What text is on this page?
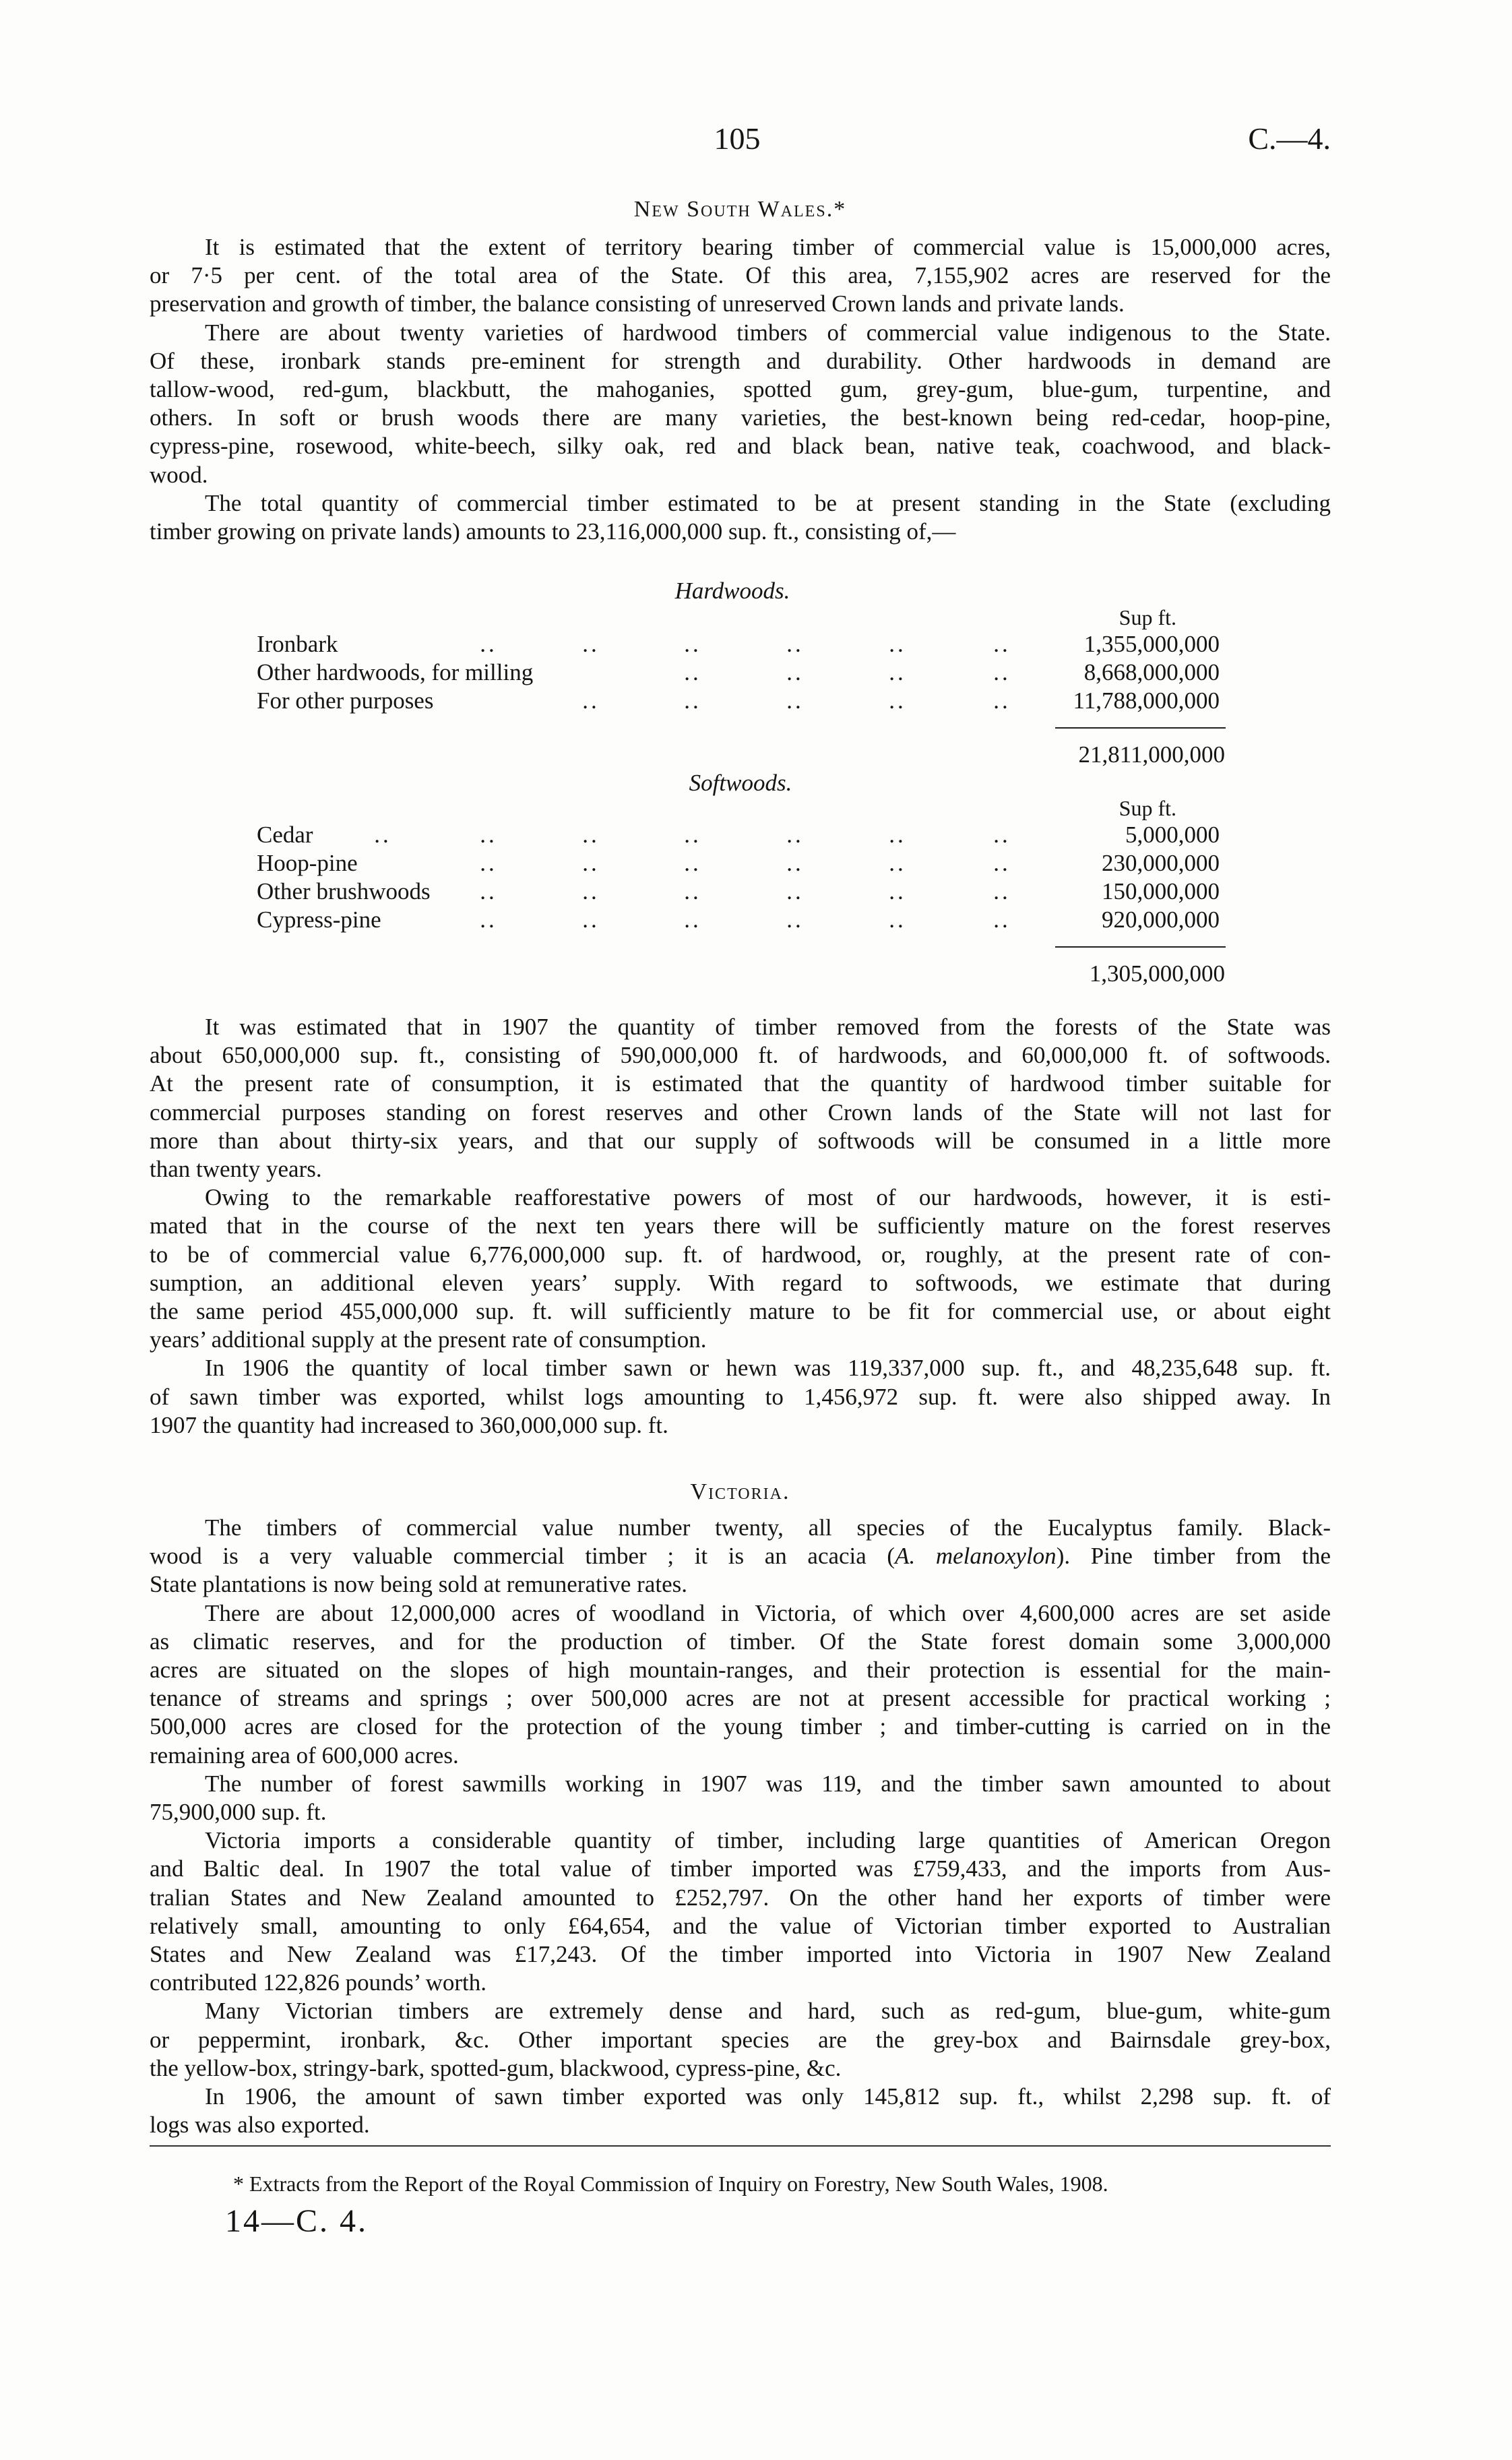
105	C.—4.
New South Wales.*
It is estimated that the extent of territory bearing timber of commercial value is 15,000,000 acres,
or 7·5 per cent. of the total area of the State. Of this area, 7,155,902 acres are reserved for the
preservation and growth of timber, the balance consisting of unreserved Crown lands and private lands.
There are about twenty varieties of hardwood timbers of commercial value indigenous to the State.
Of these, ironbark stands pre-eminent for strength and durability. Other hardwoods in demand are
tallow-wood, red-gum, blackbutt, the mahoganies, spotted gum, grey-gum, blue-gum, turpentine, and
others. In soft or brush woods there are many varieties, the best-known being red-cedar, hoop-pine,
cypress-pine, rosewood, white-beech, silky oak, red and black bean, native teak, coachwood, and black-
wood.
The total quantity of commercial timber estimated to be at present standing in the State (excluding
timber growing on private lands) amounts to 23,116,000,000 sup. ft., consisting of,—
Hardwoods.
Sup ft.
Ironbark	1,355,000,000
..	..	..	..	..	..
Other hardwoods, for milling	8,668,000,000
..	..	..	..
For other purposes	11,788,000,000
..	..	..	..	..
21,811,000,000
Softwoods.
Sup ft.
Cedar	5,000,000
..	..	..	..	..	..	..
Hoop-pine	230,000,000
..	..	..	..	..	..
Other brushwoods	150,000,000
..	..	..	..	..	..
Cypress-pine	920,000,000
..	..	..	..	..	..
1,305,000,000
It was estimated that in 1907 the quantity of timber removed from the forests of the State was
about 650,000,000 sup. ft., consisting of 590,000,000 ft. of hardwoods, and 60,000,000 ft. of softwoods.
At the present rate of consumption, it is estimated that the quantity of hardwood timber suitable for
commercial purposes standing on forest reserves and other Crown lands of the State will not last for
more than about thirty-six years, and that our supply of softwoods will be consumed in a little more
than twenty years.
Owing to the remarkable reafforestative powers of most of our hardwoods, however, it is esti-
mated that in the course of the next ten years there will be sufficiently mature on the forest reserves
to be of commercial value 6,776,000,000 sup. ft. of hardwood, or, roughly, at the present rate of con-
sumption, an additional eleven years’ supply. With regard to softwoods, we estimate that during
the same period 455,000,000 sup. ft. will sufficiently mature to be fit for commercial use, or about eight
years’ additional supply at the present rate of consumption.
In 1906 the quantity of local timber sawn or hewn was 119,337,000 sup. ft., and 48,235,648 sup. ft.
of sawn timber was exported, whilst logs amounting to 1,456,972 sup. ft. were also shipped away. In
1907 the quantity had increased to 360,000,000 sup. ft.
Victoria.
The timbers of commercial value number twenty, all species of the Eucalyptus family. Black-
wood is a very valuable commercial timber ; it is an acacia (A. melanoxylon). Pine timber from the
State plantations is now being sold at remunerative rates.
There are about 12,000,000 acres of woodland in Victoria, of which over 4,600,000 acres are set aside
as climatic reserves, and for the production of timber. Of the State forest domain some 3,000,000
acres are situated on the slopes of high mountain-ranges, and their protection is essential for the main-
tenance of streams and springs ; over 500,000 acres are not at present accessible for practical working ;
500,000 acres are closed for the protection of the young timber ; and timber-cutting is carried on in the
remaining area of 600,000 acres.
The number of forest sawmills working in 1907 was 119, and the timber sawn amounted to about
75,900,000 sup. ft.
Victoria imports a considerable quantity of timber, including large quantities of American Oregon
and Baltic deal. In 1907 the total value of timber imported was £759,433, and the imports from Aus-
tralian States and New Zealand amounted to £252,797. On the other hand her exports of timber were
relatively small, amounting to only £64,654, and the value of Victorian timber exported to Australian
States and New Zealand was £17,243. Of the timber imported into Victoria in 1907 New Zealand
contributed 122,826 pounds’ worth.
Many Victorian timbers are extremely dense and hard, such as red-gum, blue-gum, white-gum
or peppermint, ironbark, &c. Other important species are the grey-box and Bairnsdale grey-box,
the yellow-box, stringy-bark, spotted-gum, blackwood, cypress-pine, &c.
In 1906, the amount of sawn timber exported was only 145,812 sup. ft., whilst 2,298 sup. ft. of
logs was also exported.
* Extracts from the Report of the Royal Commission of Inquiry on Forestry, New South Wales, 1908.
14—C. 4.
